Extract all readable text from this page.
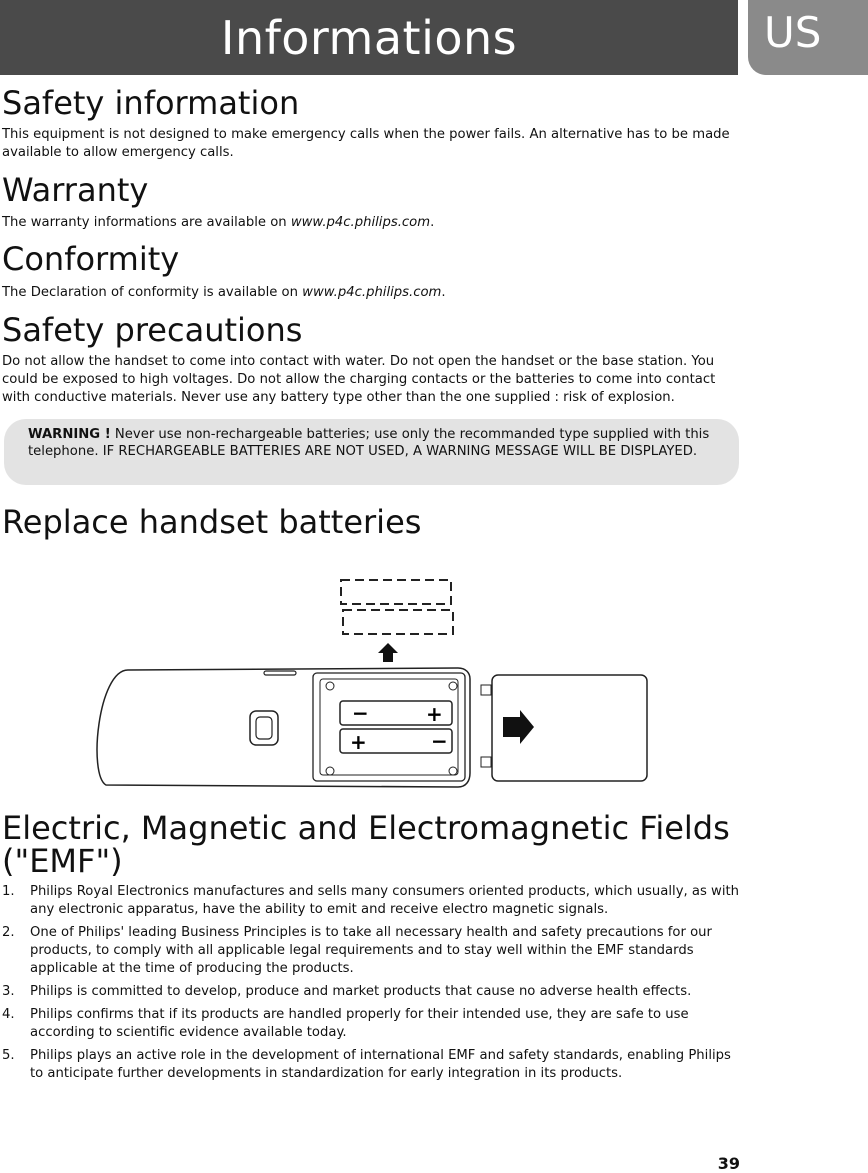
Informations	US
Safety information

This equipment is not designed to make emergency calls when the power fails. An alternative has to be made available to allow emergency calls.

Warranty

The warranty informations are available on www.p4c.philips.com.

Conformity

The Declaration of conformity is available on www.p4c.philips.com.

Safety precautions

Do not allow the handset to come into contact with water. Do not open the handset or the base station. You could be exposed to high voltages. Do not allow the charging contacts or the batteries to come into contact with conductive materials. Never use any battery type other than the one supplied : risk of explosion.

WARNING ! Never use non-rechargeable batteries; use only the recommanded type supplied with this telephone. IF RECHARGEABLE BATTERIES ARE NOT USED, A WARNING MESSAGE WILL BE DISPLAYED.
Replace handset batteries
−	+
+	−
Electric, Magnetic and Electromagnetic Fields ("EMF")
1. Philips Royal Electronics manufactures and sells many consumers oriented products, which usually, as with any electronic apparatus, have the ability to emit and receive electro magnetic signals.
2. One of Philips' leading Business Principles is to take all necessary health and safety precautions for our products, to comply with all applicable legal requirements and to stay well within the EMF standards applicable at the time of producing the products.
3. Philips is committed to develop, produce and market products that cause no adverse health effects.
4. Philips confirms that if its products are handled properly for their intended use, they are safe to use according to scientific evidence available today.
5. Philips plays an active role in the development of international EMF and safety standards, enabling Philips to anticipate further developments in standardization for early integration in its products.
39
